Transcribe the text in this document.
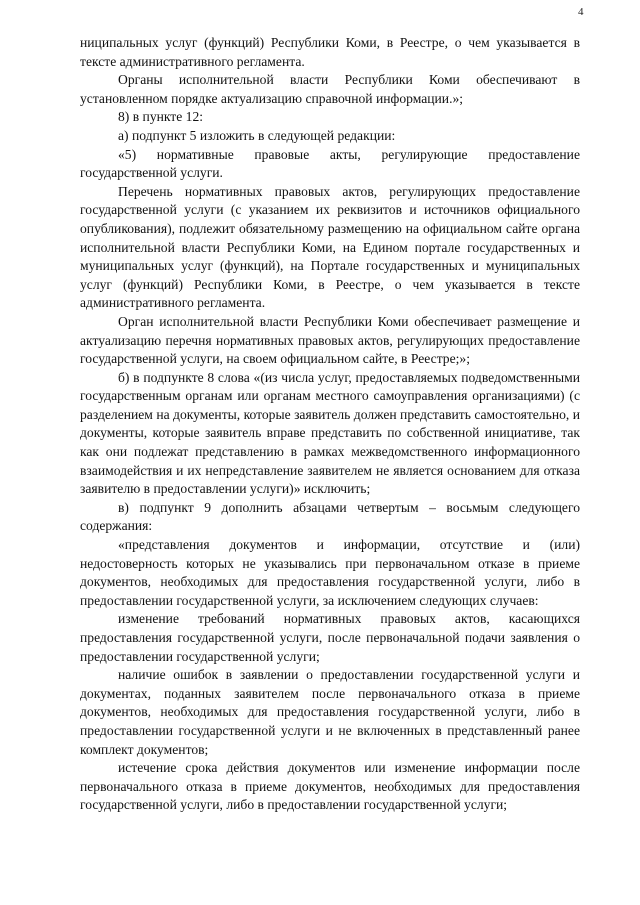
4

ниципальных услуг (функций) Республики Коми, в Реестре, о чем указывается в тексте административного регламента.

Органы исполнительной власти Республики Коми обеспечивают в установленном порядке актуализацию справочной информации.»;

8) в пункте 12:

а) подпункт 5 изложить в следующей редакции:

«5) нормативные правовые акты, регулирующие предоставление государственной услуги.

Перечень нормативных правовых актов, регулирующих предоставление государственной услуги (с указанием их реквизитов и источников официального опубликования), подлежит обязательному размещению на официальном сайте органа исполнительной власти Республики Коми, на Едином портале государственных и муниципальных услуг (функций), на Портале государственных и муниципальных услуг (функций) Республики Коми, в Реестре, о чем указывается в тексте административного регламента.

Орган исполнительной власти Республики Коми обеспечивает размещение и актуализацию перечня нормативных правовых актов, регулирующих предоставление государственной услуги, на своем официальном сайте, в Реестре;»;

б) в подпункте 8 слова «(из числа услуг, предоставляемых подведомственными государственным органам или органам местного самоуправления организациями) (с разделением на документы, которые заявитель должен представить самостоятельно, и документы, которые заявитель вправе представить по собственной инициативе, так как они подлежат представлению в рамках межведомственного информационного взаимодействия и их непредставление заявителем не является основанием для отказа заявителю в предоставлении услуги)» исключить;

в) подпункт 9 дополнить абзацами четвертым – восьмым следующего содержания:

«представления документов и информации, отсутствие и (или) недостоверность которых не указывались при первоначальном отказе в приеме документов, необходимых для предоставления государственной услуги, либо в предоставлении государственной услуги, за исключением следующих случаев:

изменение требований нормативных правовых актов, касающихся предоставления государственной услуги, после первоначальной подачи заявления о предоставлении государственной услуги;

наличие ошибок в заявлении о предоставлении государственной услуги и документах, поданных заявителем после первоначального отказа в приеме документов, необходимых для предоставления государственной услуги, либо в предоставлении государственной услуги и не включенных в представленный ранее комплект документов;

истечение срока действия документов или изменение информации после первоначального отказа в приеме документов, необходимых для предоставления государственной услуги, либо в предоставлении государственной услуги;
